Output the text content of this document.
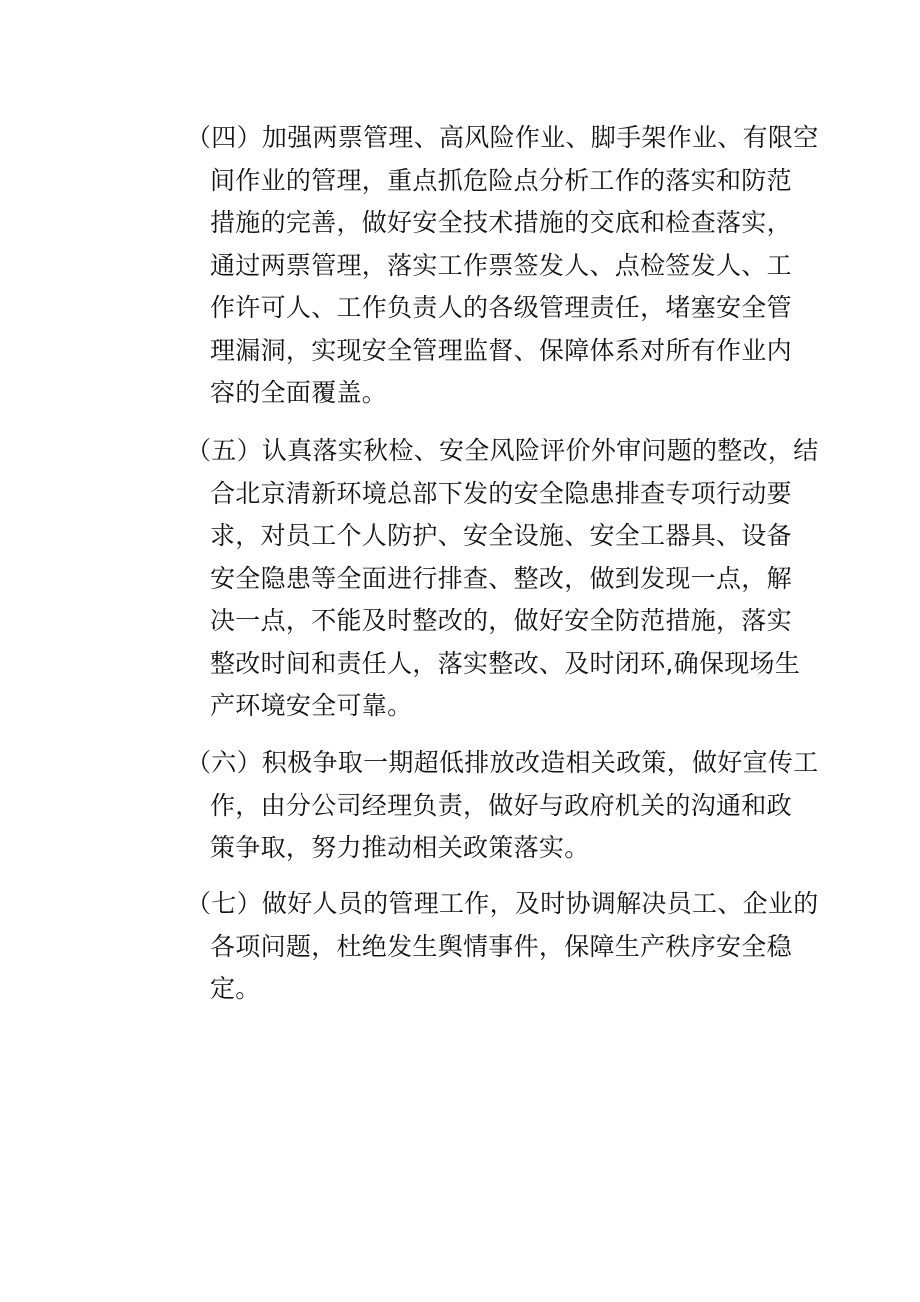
（四）加强两票管理、高风险作业、脚手架作业、有限空
间作业的管理，重点抓危险点分析工作的落实和防范
措施的完善，做好安全技术措施的交底和检查落实，
通过两票管理，落实工作票签发人、点检签发人、工
作许可人、工作负责人的各级管理责任，堵塞安全管
理漏洞，实现安全管理监督、保障体系对所有作业内
容的全面覆盖。
（五）认真落实秋检、安全风险评价外审问题的整改，结
合北京清新环境总部下发的安全隐患排查专项行动要
求，对员工个人防护、安全设施、安全工器具、设备
安全隐患等全面进行排查、整改，做到发现一点，解
决一点，不能及时整改的，做好安全防范措施，落实
整改时间和责任人，落实整改、及时闭环,确保现场生
产环境安全可靠。
（六）积极争取一期超低排放改造相关政策，做好宣传工
作，由分公司经理负责，做好与政府机关的沟通和政
策争取，努力推动相关政策落实。
（七）做好人员的管理工作，及时协调解决员工、企业的
各项问题，杜绝发生舆情事件，保障生产秩序安全稳
定。
